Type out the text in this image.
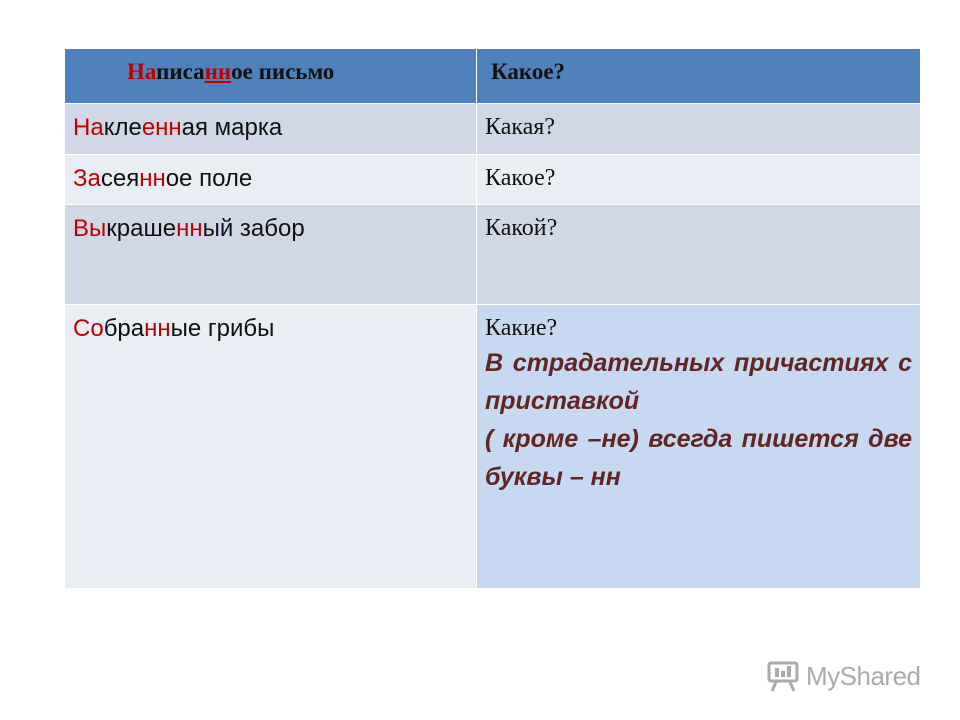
Написанное письмо	Какое?
Наклеенная марка	Какая?
Засеянное поле	Какое?
Выкрашенный забор	Какой?
Собранные грибы	Какие?
В страдательных причастиях с приставкой
( кроме –не) всегда пишется две буквы – нн
MyShared
